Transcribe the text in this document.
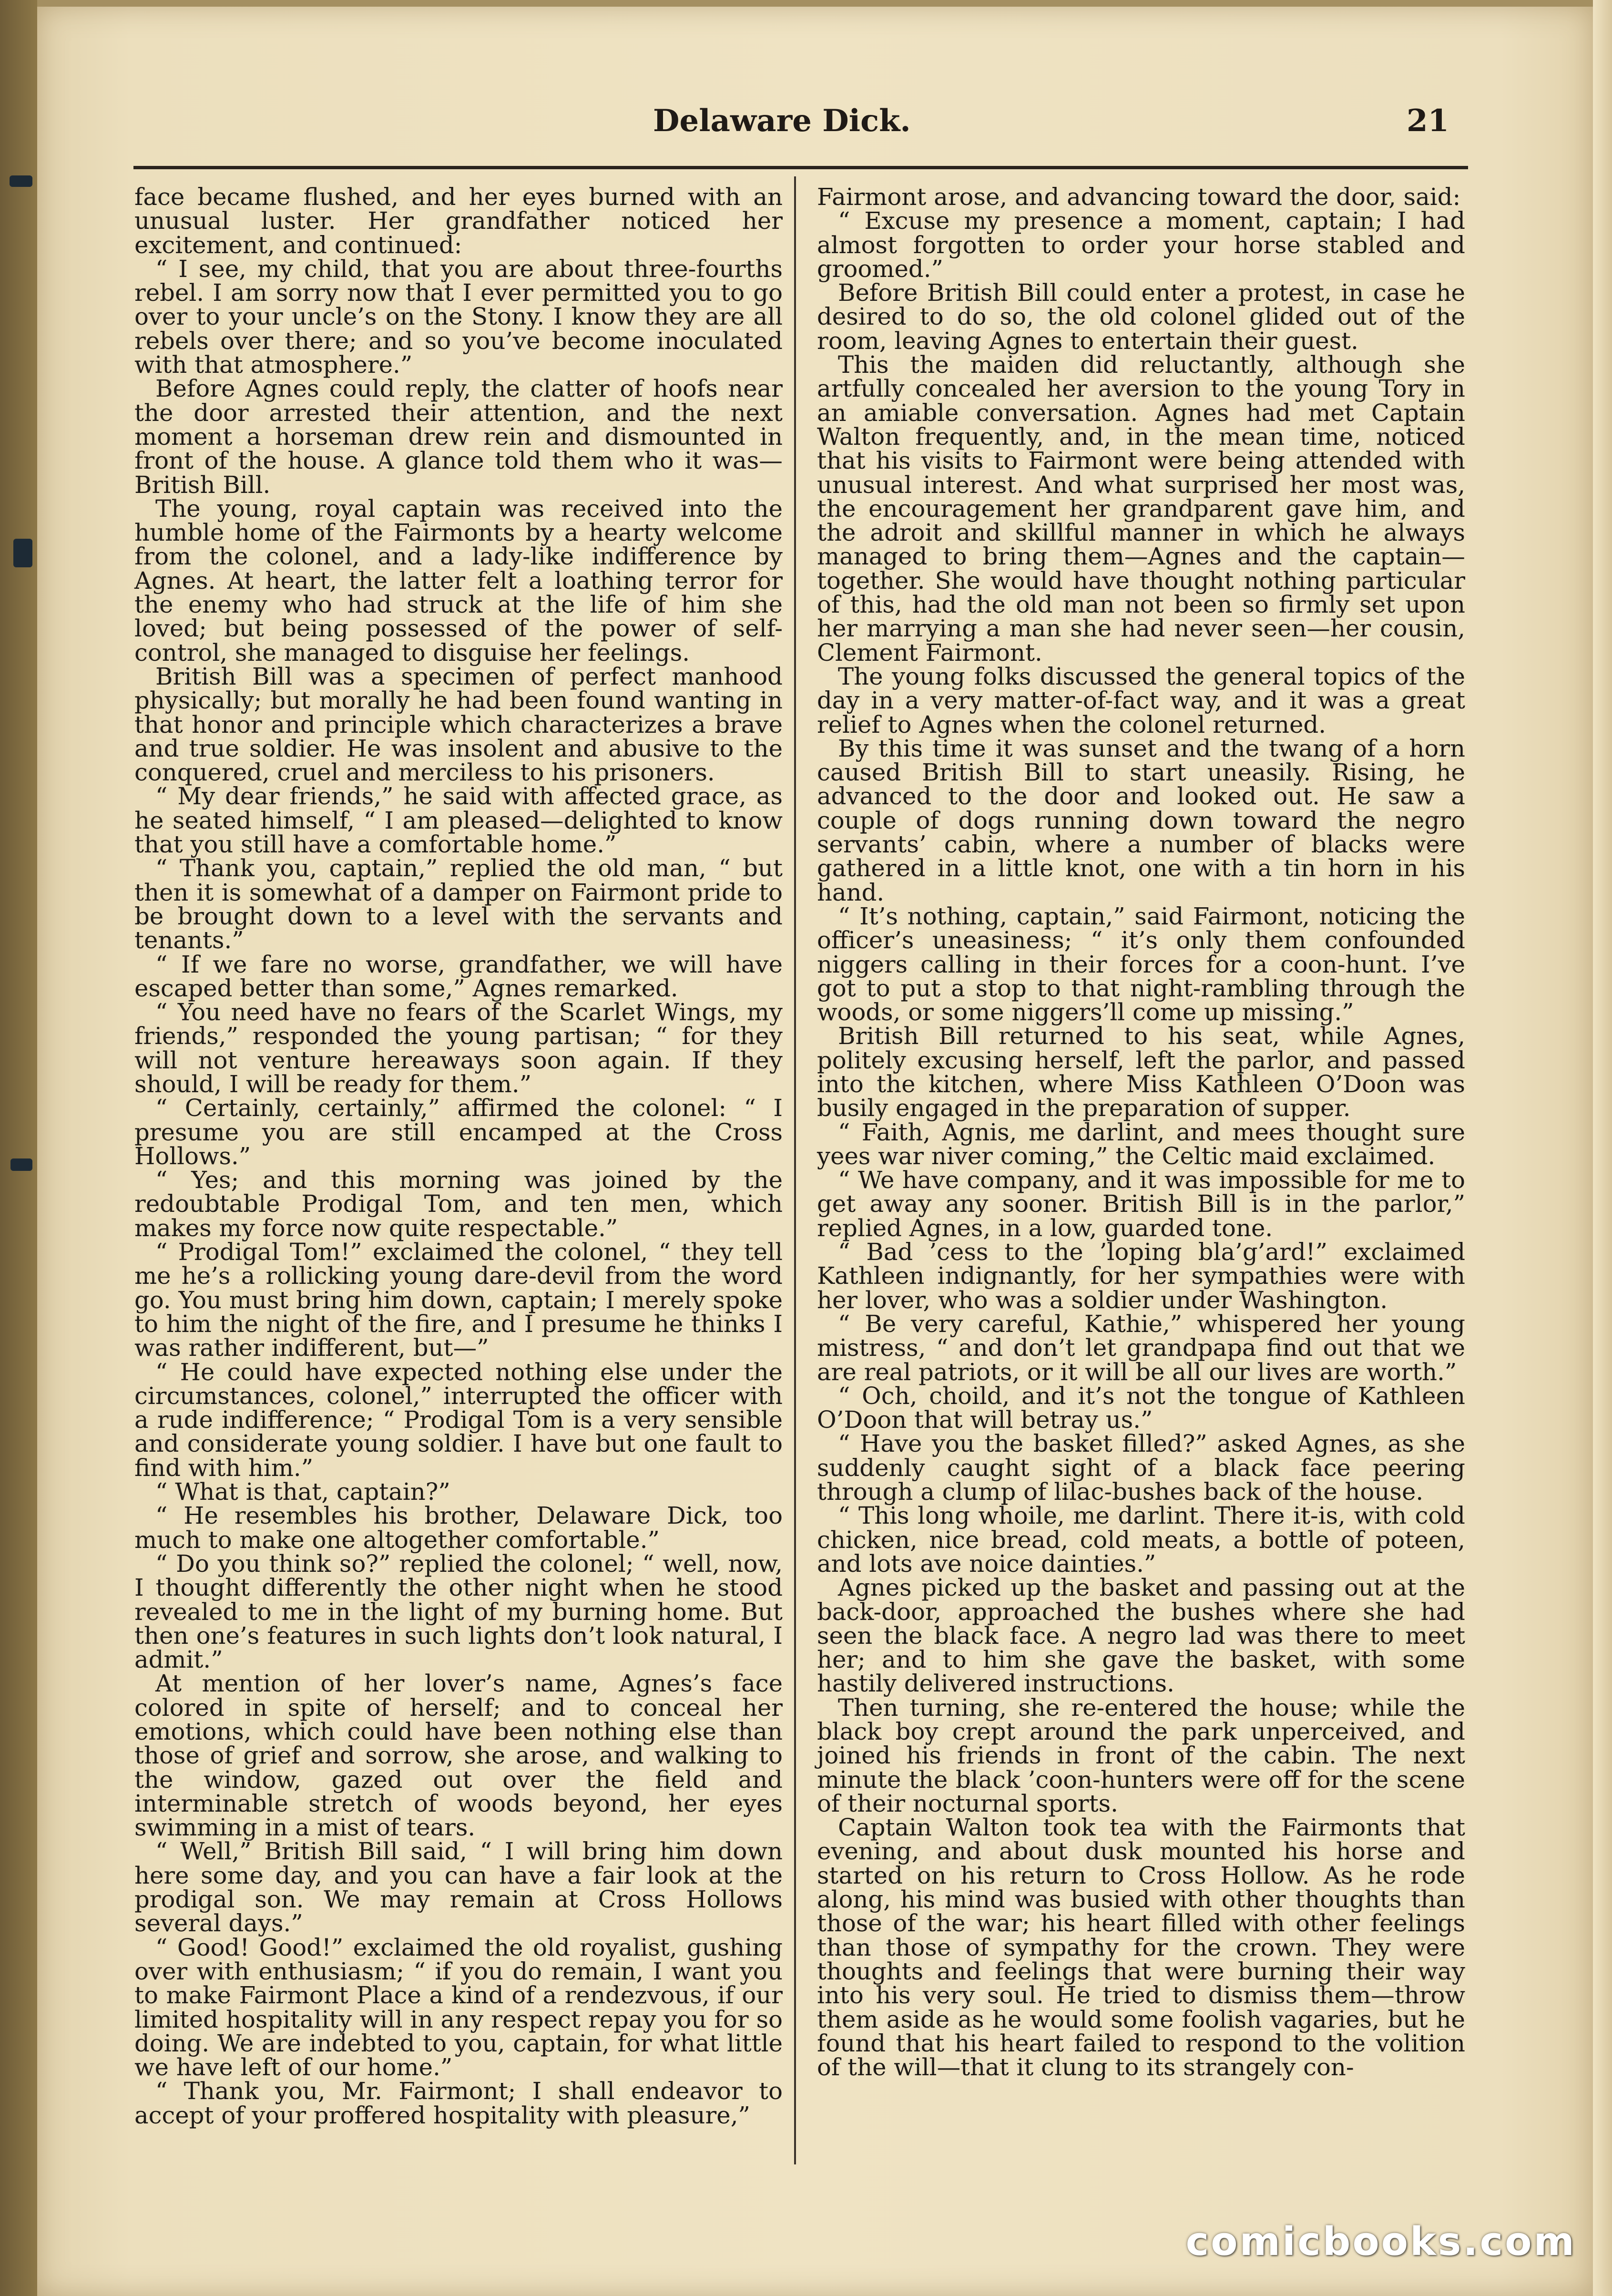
Delaware Dick.	21

face became flushed, and her eyes burned with an unusual luster. Her grandfather noticed her excitement, and continued:

“ I see, my child, that you are about three-fourths rebel. I am sorry now that I ever permitted you to go over to your uncle’s on the Stony. I know they are all rebels over there; and so you’ve become inoculated with that atmosphere.”

Before Agnes could reply, the clatter of hoofs near the door arrested their attention, and the next moment a horseman drew rein and dismounted in front of the house. A glance told them who it was—British Bill.

The young, royal captain was received into the humble home of the Fairmonts by a hearty welcome from the colonel, and a lady-like indifference by Agnes. At heart, the latter felt a loathing terror for the enemy who had struck at the life of him she loved; but being possessed of the power of self-control, she managed to disguise her feelings.

British Bill was a specimen of perfect manhood physically; but morally he had been found wanting in that honor and principle which characterizes a brave and true soldier. He was insolent and abusive to the conquered, cruel and merciless to his prisoners.

“ My dear friends,” he said with affected grace, as he seated himself, “ I am pleased—delighted to know that you still have a comfortable home.”

“ Thank you, captain,” replied the old man, “ but then it is somewhat of a damper on Fairmont pride to be brought down to a level with the servants and tenants.”

“ If we fare no worse, grandfather, we will have escaped better than some,” Agnes remarked.

“ You need have no fears of the Scarlet Wings, my friends,” responded the young partisan; “ for they will not venture hereaways soon again. If they should, I will be ready for them.”

“ Certainly, certainly,” affirmed the colonel: “ I presume you are still encamped at the Cross Hollows.”

“ Yes; and this morning was joined by the redoubtable Prodigal Tom, and ten men, which makes my force now quite respectable.”

“ Prodigal Tom!” exclaimed the colonel, “ they tell me he’s a rollicking young dare-devil from the word go. You must bring him down, captain; I merely spoke to him the night of the fire, and I presume he thinks I was rather indifferent, but—”

“ He could have expected nothing else under the circumstances, colonel,” interrupted the officer with a rude indifference; “ Prodigal Tom is a very sensible and considerate young soldier. I have but one fault to find with him.”

“ What is that, captain?”

“ He resembles his brother, Delaware Dick, too much to make one altogether comfortable.”

“ Do you think so?” replied the colonel; “ well, now, I thought differently the other night when he stood revealed to me in the light of my burning home. But then one’s features in such lights don’t look natural, I admit.”

At mention of her lover’s name, Agnes’s face colored in spite of herself; and to conceal her emotions, which could have been nothing else than those of grief and sorrow, she arose, and walking to the window, gazed out over the field and interminable stretch of woods beyond, her eyes swimming in a mist of tears.

“ Well,” British Bill said, “ I will bring him down here some day, and you can have a fair look at the prodigal son. We may remain at Cross Hollows several days.”

“ Good! Good!” exclaimed the old royalist, gushing over with enthusiasm; “ if you do remain, I want you to make Fairmont Place a kind of a rendezvous, if our limited hospitality will in any respect repay you for so doing. We are indebted to you, captain, for what little we have left of our home.”

“ Thank you, Mr. Fairmont; I shall endeavor to accept of your proffered hospitality with pleasure,”

Fairmont arose, and advancing toward the door, said:

“ Excuse my presence a moment, captain; I had almost forgotten to order your horse stabled and groomed.”

Before British Bill could enter a protest, in case he desired to do so, the old colonel glided out of the room, leaving Agnes to entertain their guest.

This the maiden did reluctantly, although she artfully concealed her aversion to the young Tory in an amiable conversation. Agnes had met Captain Walton frequently, and, in the mean time, noticed that his visits to Fairmont were being attended with unusual interest. And what surprised her most was, the encouragement her grandparent gave him, and the adroit and skillful manner in which he always managed to bring them—Agnes and the captain—together. She would have thought nothing particular of this, had the old man not been so firmly set upon her marrying a man she had never seen—her cousin, Clement Fairmont.

The young folks discussed the general topics of the day in a very matter-of-fact way, and it was a great relief to Agnes when the colonel returned.

By this time it was sunset and the twang of a horn caused British Bill to start uneasily. Rising, he advanced to the door and looked out. He saw a couple of dogs running down toward the negro servants’ cabin, where a number of blacks were gathered in a little knot, one with a tin horn in his hand.

“ It’s nothing, captain,” said Fairmont, noticing the officer’s uneasiness; “ it’s only them confounded niggers calling in their forces for a coon-hunt. I’ve got to put a stop to that night-rambling through the woods, or some niggers’ll come up missing.”

British Bill returned to his seat, while Agnes, politely excusing herself, left the parlor, and passed into the kitchen, where Miss Kathleen O’Doon was busily engaged in the preparation of supper.

“ Faith, Agnis, me darlint, and mees thought sure yees war niver coming,” the Celtic maid exclaimed.

“ We have company, and it was impossible for me to get away any sooner. British Bill is in the parlor,” replied Agnes, in a low, guarded tone.

“ Bad ’cess to the ’loping bla’g’ard!” exclaimed Kathleen indignantly, for her sympathies were with her lover, who was a soldier under Washington.

“ Be very careful, Kathie,” whispered her young mistress, “ and don’t let grandpapa find out that we are real patriots, or it will be all our lives are worth.”

“ Och, choild, and it’s not the tongue of Kathleen O’Doon that will betray us.”

“ Have you the basket filled?” asked Agnes, as she suddenly caught sight of a black face peering through a clump of lilac-bushes back of the house.

“ This long whoile, me darlint. There it-is, with cold chicken, nice bread, cold meats, a bottle of poteen, and lots ave noice dainties.”

Agnes picked up the basket and passing out at the back-door, approached the bushes where she had seen the black face. A negro lad was there to meet her; and to him she gave the basket, with some hastily delivered instructions.

Then turning, she re-entered the house; while the black boy crept around the park unperceived, and joined his friends in front of the cabin. The next minute the black ’coon-hunters were off for the scene of their nocturnal sports.

Captain Walton took tea with the Fairmonts that evening, and about dusk mounted his horse and started on his return to Cross Hollow. As he rode along, his mind was busied with other thoughts than those of the war; his heart filled with other feelings than those of sympathy for the crown. They were thoughts and feelings that were burning their way into his very soul. He tried to dismiss them—throw them aside as he would some foolish vagaries, but he found that his heart failed to respond to the volition of the will—that it clung to its strangely con-

comicbooks.com
